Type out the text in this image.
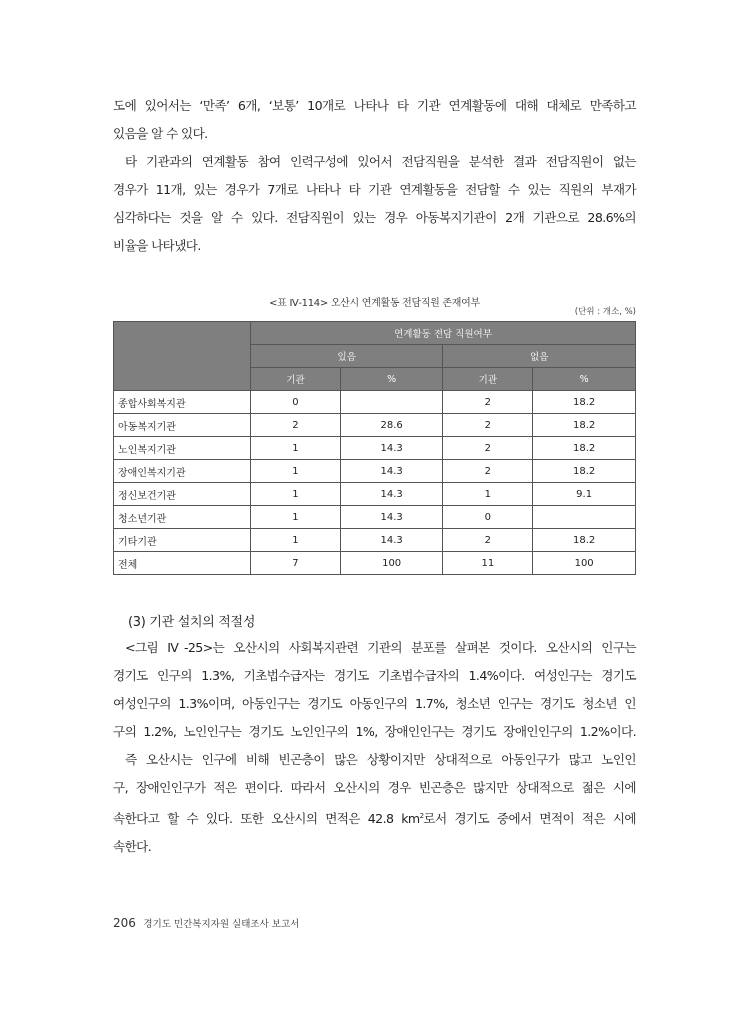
도에 있어서는 ‘만족’ 6개, ‘보통’ 10개로 나타나 타 기관 연계활동에 대해 대체로 만족하고
있음을 알 수 있다.
타 기관과의 연계활동 참여 인력구성에 있어서 전담직원을 분석한 결과 전담직원이 없는
경우가 11개, 있는 경우가 7개로 나타나 타 기관 연계활동을 전담할 수 있는 직원의 부재가
심각하다는 것을 알 수 있다. 전담직원이 있는 경우 아동복지기관이 2개 기관으로 28.6%의
비율을 나타냈다.
<표 Ⅳ-114> 오산시 연계활동 전담직원 존재여부
(단위 : 개소, %)
	연계활동 전담 직원여부			
	있음		없음	
	기관	%	기관	%
종합사회복지관	0		2	18.2
아동복지기관	2	28.6	2	18.2
노인복지기관	1	14.3	2	18.2
장애인복지기관	1	14.3	2	18.2
정신보건기관	1	14.3	1	9.1
청소년기관	1	14.3	0	
기타기관	1	14.3	2	18.2
전체	7	100	11	100
(3) 기관 설치의 적절성
<그림 Ⅳ-25>는 오산시의 사회복지관련 기관의 분포를 살펴본 것이다. 오산시의 인구는
경기도 인구의 1.3%, 기초법수급자는 경기도 기초법수급자의 1.4%이다. 여성인구는 경기도
여성인구의 1.3%이며, 아동인구는 경기도 아동인구의 1.7%, 청소년 인구는 경기도 청소년 인
구의 1.2%, 노인인구는 경기도 노인인구의 1%, 장애인인구는 경기도 장애인인구의 1.2%이다.
즉 오산시는 인구에 비해 빈곤층이 많은 상황이지만 상대적으로 아동인구가 많고 노인인
구, 장애인인구가 적은 편이다. 따라서 오산시의 경우 빈곤층은 많지만 상대적으로 젊은 시에
속한다고 할 수 있다. 또한 오산시의 면적은 42.8 $km^2$로서 경기도 중에서 면적이 적은 시에
속한다.
206 경기도 민간복지자원 실태조사 보고서
